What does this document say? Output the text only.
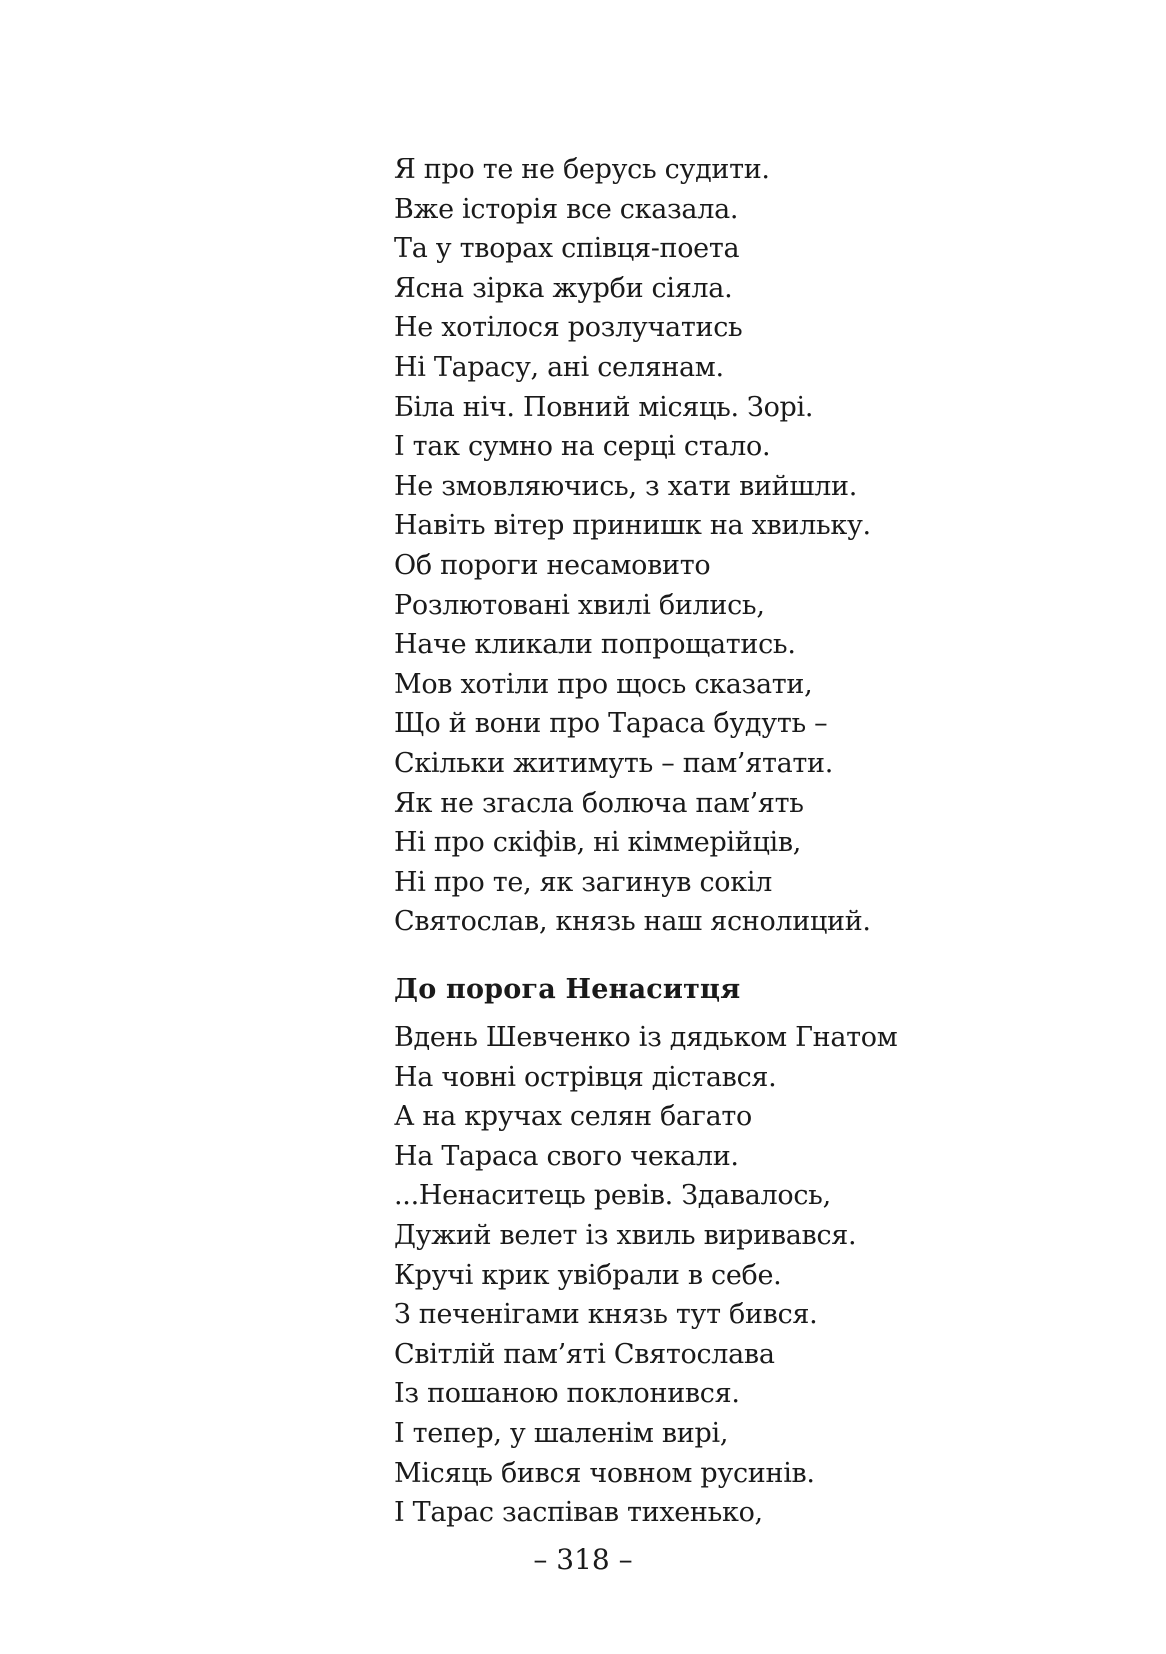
Я про те не берусь судити.
Вже історія все сказала.
Та у творах співця-поета
Ясна зірка журби сіяла.
Не хотілося розлучатись
Ні Тарасу, ані селянам.
Біла ніч. Повний місяць. Зорі.
І так сумно на серці стало.
Не змовляючись, з хати вийшли.
Навіть вітер принишк на хвильку.
Об пороги несамовито
Розлютовані хвилі бились,
Наче кликали попрощатись.
Мов хотіли про щось сказати,
Що й вони про Тараса будуть –
Скільки житимуть – пам’ятати.
Як не згасла болюча пам’ять
Ні про скіфів, ні кіммерійців,
Ні про те, як загинув сокіл
Святослав, князь наш яснолиций.
До порога Ненаситця
Вдень Шевченко із дядьком Гнатом
На човні острівця дістався.
А на кручах селян багато
На Тараса свого чекали.
...Ненаситець ревів. Здавалось,
Дужий велет із хвиль виривався.
Кручі крик увібрали в себе.
З печенігами князь тут бився.
Світлій пам’яті Святослава
Із пошаною поклонився.
І тепер, у шаленім вирі,
Місяць бився човном русинів.
І Тарас заспівав тихенько,
– 318 –
